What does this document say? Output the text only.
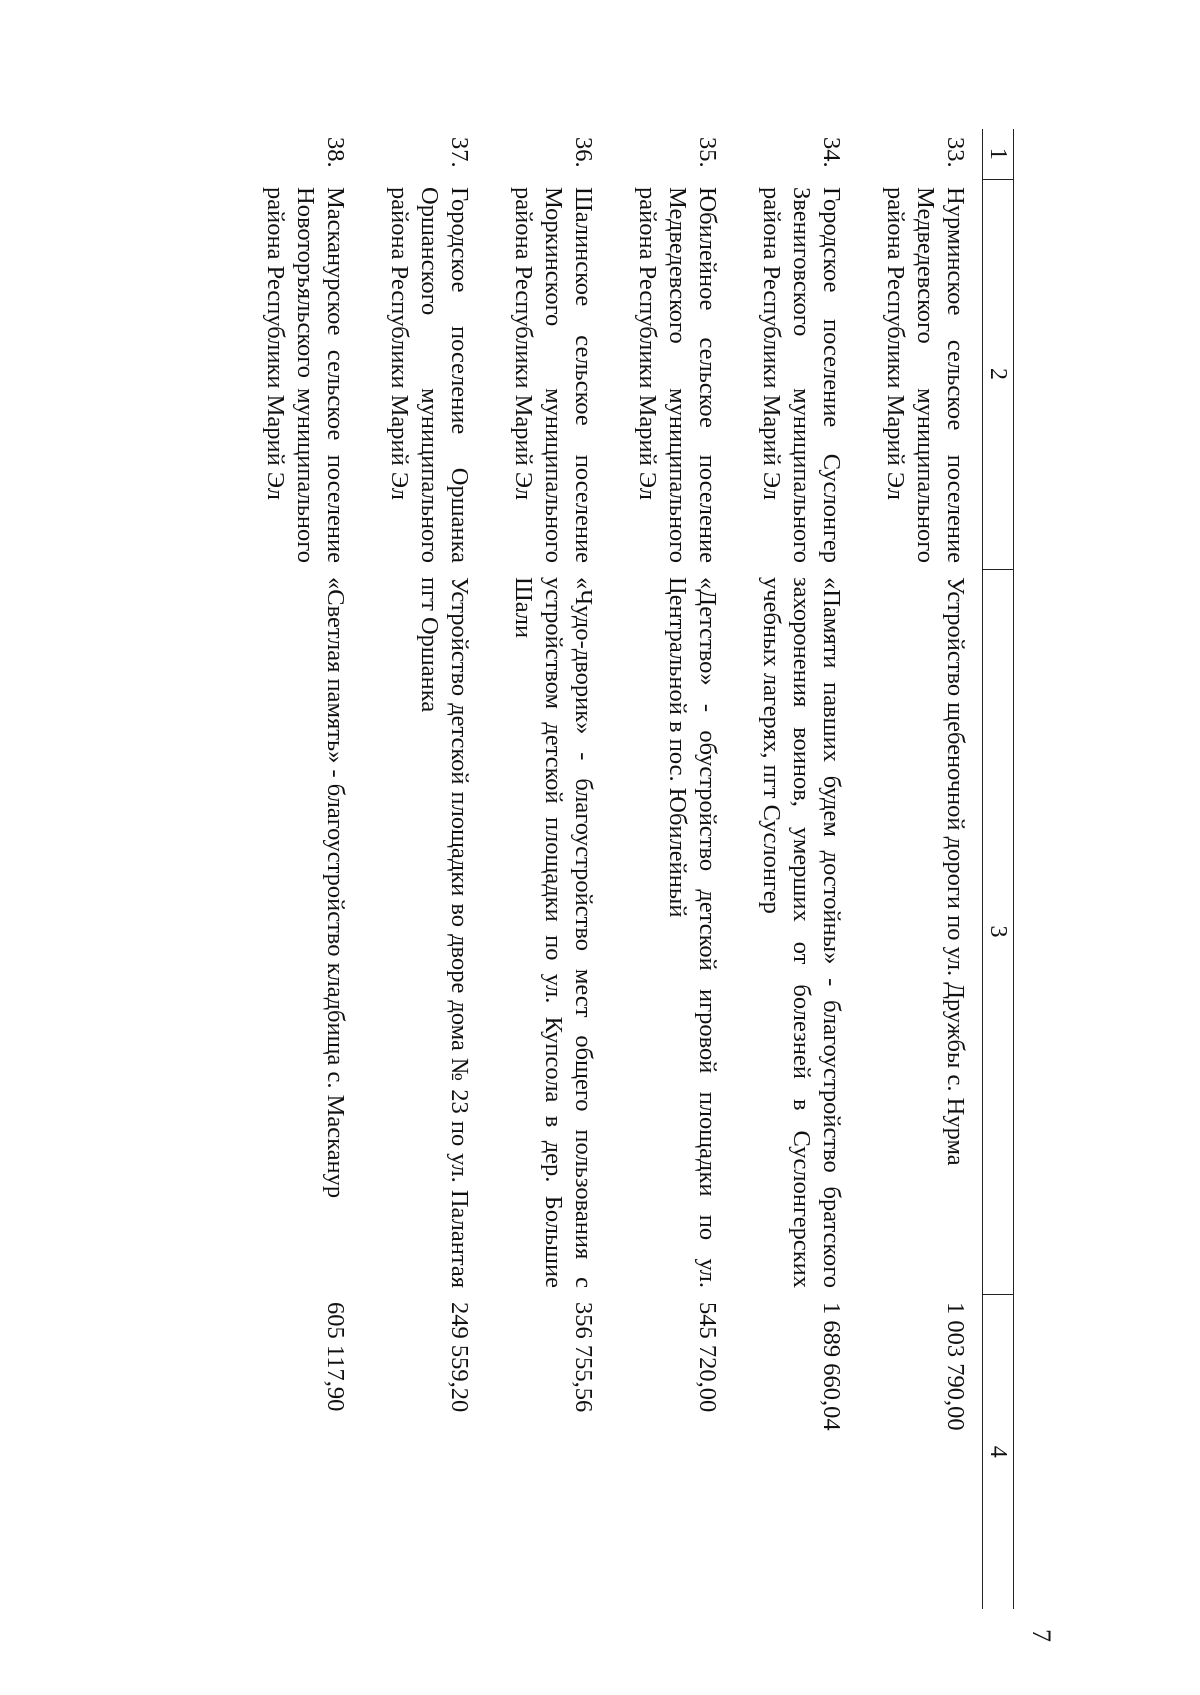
7
1	2	3	4
33.	Нурминское сельское поселение Медведевского муниципального района Республики Марий Эл	Устройство щебеночной дороги по ул. Дружбы с. Нурма	1 003 790,00
34.	Городское поселение Суслонгер Звениговского муниципального района Республики Марий Эл	«Памяти павших будем достойны» - благоустройство братского захоронения воинов, умерших от болезней в Суслонгерских учебных лагерях, пгт Суслонгер	1 689 660,04
35.	Юбилейное сельское поселение Медведевского муниципального района Республики Марий Эл	«Детство» - обустройство детской игровой площадки по ул. Центральной в пос. Юбилейный	545 720,00
36.	Шалинское сельское поселение Моркинского муниципального района Республики Марий Эл	«Чудо-дворик» - благоустройство мест общего пользования с устройством детской площадки по ул. Купсола в дер. Большие Шали	356 755,56
37.	Городское поселение Оршанка Оршанского муниципального района Республики Марий Эл	Устройство детской площадки во дворе дома № 23 по ул. Палантая пгт Оршанка	249 559,20
38.	Масканурское сельское поселение Новоторъяльского муниципального района Республики Марий Эл	«Светлая память» - благоустройство кладбища с. Масканур	605 117,90
